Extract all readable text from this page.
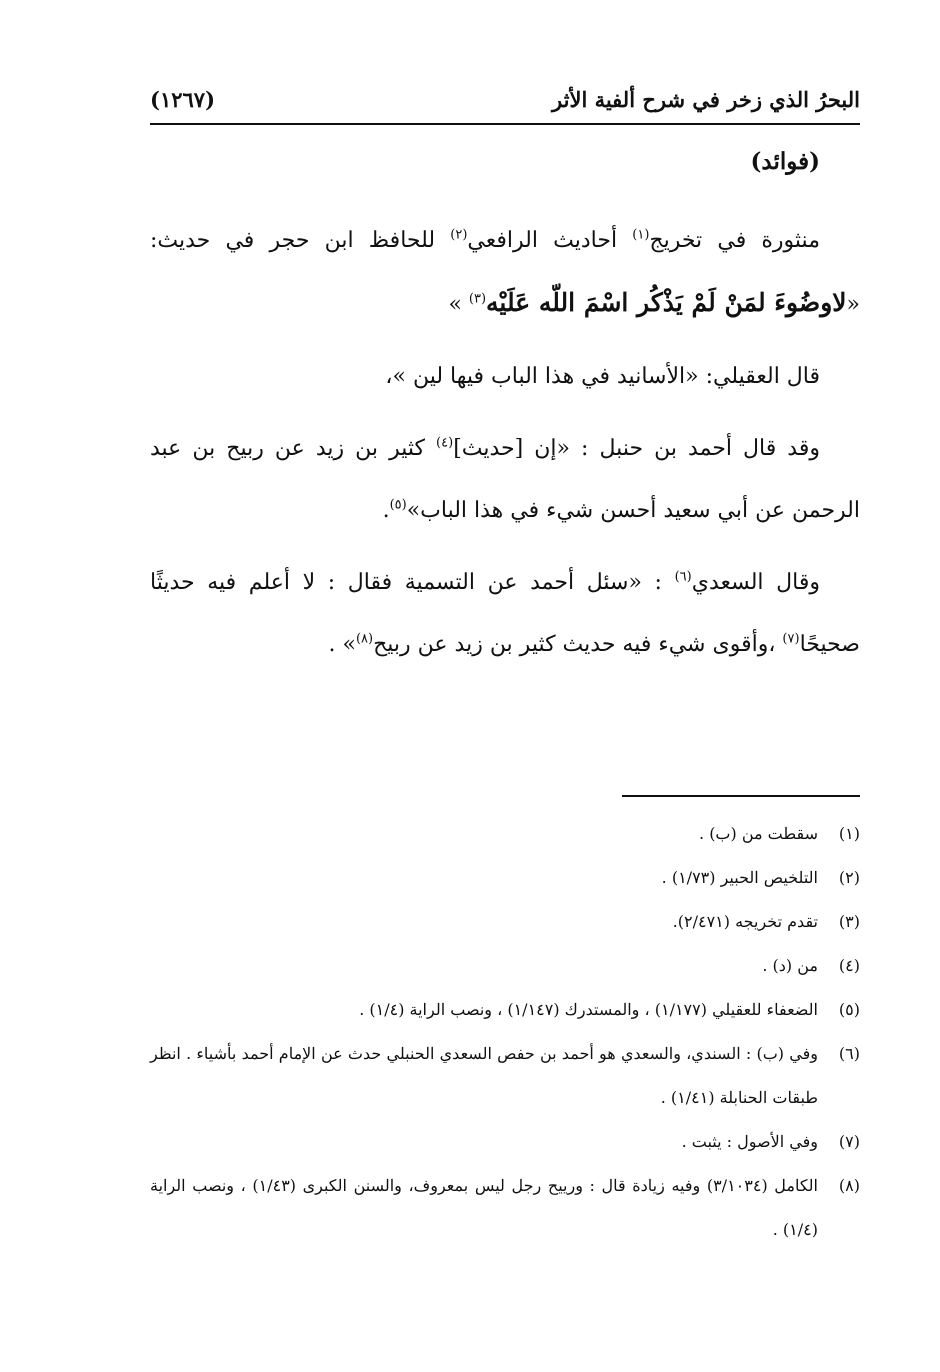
البحرُ الذي زخر في شرح ألفية الأثر
(١٢٦٧)
(فوائد)

منثورة في تخريج$^{(١)}$ أحاديث الرافعي$^{(٢)}$ للحافظ ابن حجر في حديث: «لاوضُوءَ لمَنْ لَمْ يَذْكُر اسْمَ اللّه عَلَيْه$^{(٣)}$ »

قال العقيلي: «الأسانيد في هذا الباب فيها لين »،

وقد قال أحمد بن حنبل : «إن [حديث]$^{(٤)}$ كثير بن زيد عن ربيح بن عبد الرحمن عن أبي سعيد أحسن شيء في هذا الباب»$^{(٥)}$.

وقال السعدي$^{(٦)}$ : «سئل أحمد عن التسمية فقال : لا أعلم فيه حديثًا صحيحًا$^{(٧)}$ ،وأقوى شيء فيه حديث كثير بن زيد عن ربيح$^{(٨)}$» .

(١)
سقطت من (ب) .
(٢)
التلخيص الحبير (١/٧٣) .
(٣)
تقدم تخريجه (٢/٤٧١).
(٤)
من (د) .
(٥)
الضعفاء للعقيلي (١/١٧٧) ، والمستدرك (١/١٤٧) ، ونصب الراية (١/٤) .
(٦)
وفي (ب) : السندي، والسعدي هو أحمد بن حفص السعدي الحنبلي حدث عن الإمام أحمد بأشياء . انظر طبقات الحنابلة (١/٤١) .
(٧)
وفي الأصول : يثبت .
(٨)
الكامل (٣/١٠٣٤) وفيه زيادة قال : ورييح رجل ليس بمعروف، والسنن الكبرى (١/٤٣) ، ونصب الراية (١/٤) .
